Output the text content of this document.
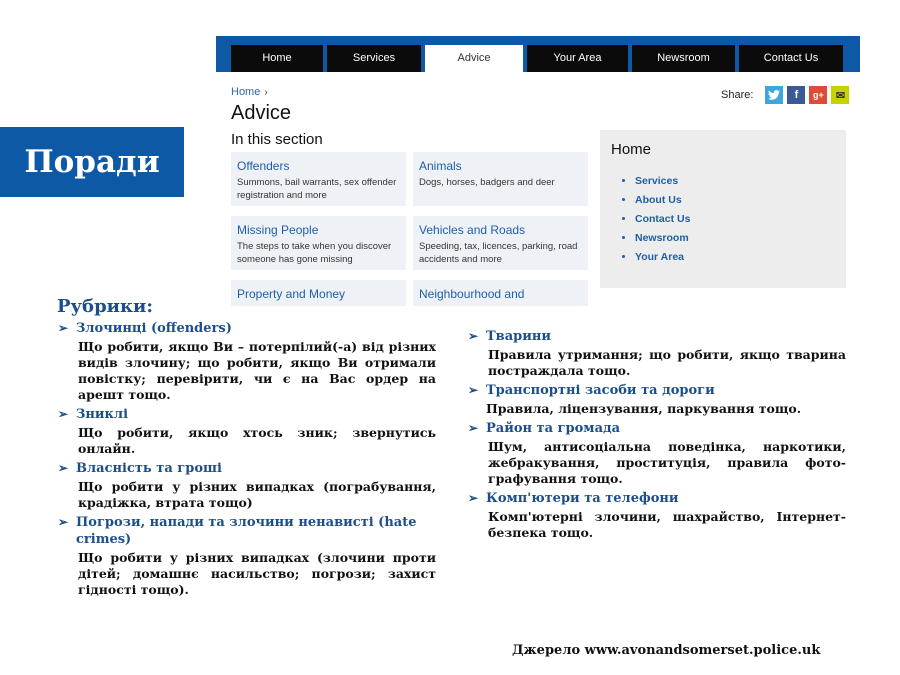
Home	Services	Advice	Your Area	Newsroom	Contact Us
Home ›
Advice
In this section
Share:	f	g+	✉
Offenders
Summons, bail warrants, sex offender registration and more
Animals
Dogs, horses, badgers and deer
Missing People
The steps to take when you discover someone has gone missing
Vehicles and Roads
Speeding, tax, licences, parking, road accidents and more
Property and Money	Neighbourhood and
Home
• Services
• About Us
• Contact Us
• Newsroom
• Your Area
Поради
Рубрики:
➢ Злочинці (offenders)
Що робити, якщо Ви – потерпілий(-а) від різних видів злочину; що робити, якщо Ви отримали повістку; перевірити, чи є на Вас ордер на арешт тощо.
➢ Зниклі
Що робити, якщо хтось зник; звернутись онлайн.
➢ Власність та гроші
Що робити у різних випадках (пограбування, крадіжка, втрата тощо)
➢ Погрози, напади та злочини ненависті (hate crimes)
Що робити у різних випадках (злочини проти дітей; домашнє насильство; погрози; захист гідності тощо).
➢ Тварини
Правила утримання; що робити, якщо тварина постраждала тощо.
➢ Транспортні засоби та дороги
Правила, ліцензування, паркування тощо.
➢ Район та громада
Шум, антисоціальна поведінка, наркотики, жебракування, проституція, правила фото-графування тощо.
➢ Комп'ютери та телефони
Комп'ютерні злочини, шахрайство, Інтернет-безпека тощо.
Джерело www.avonandsomerset.police.uk
